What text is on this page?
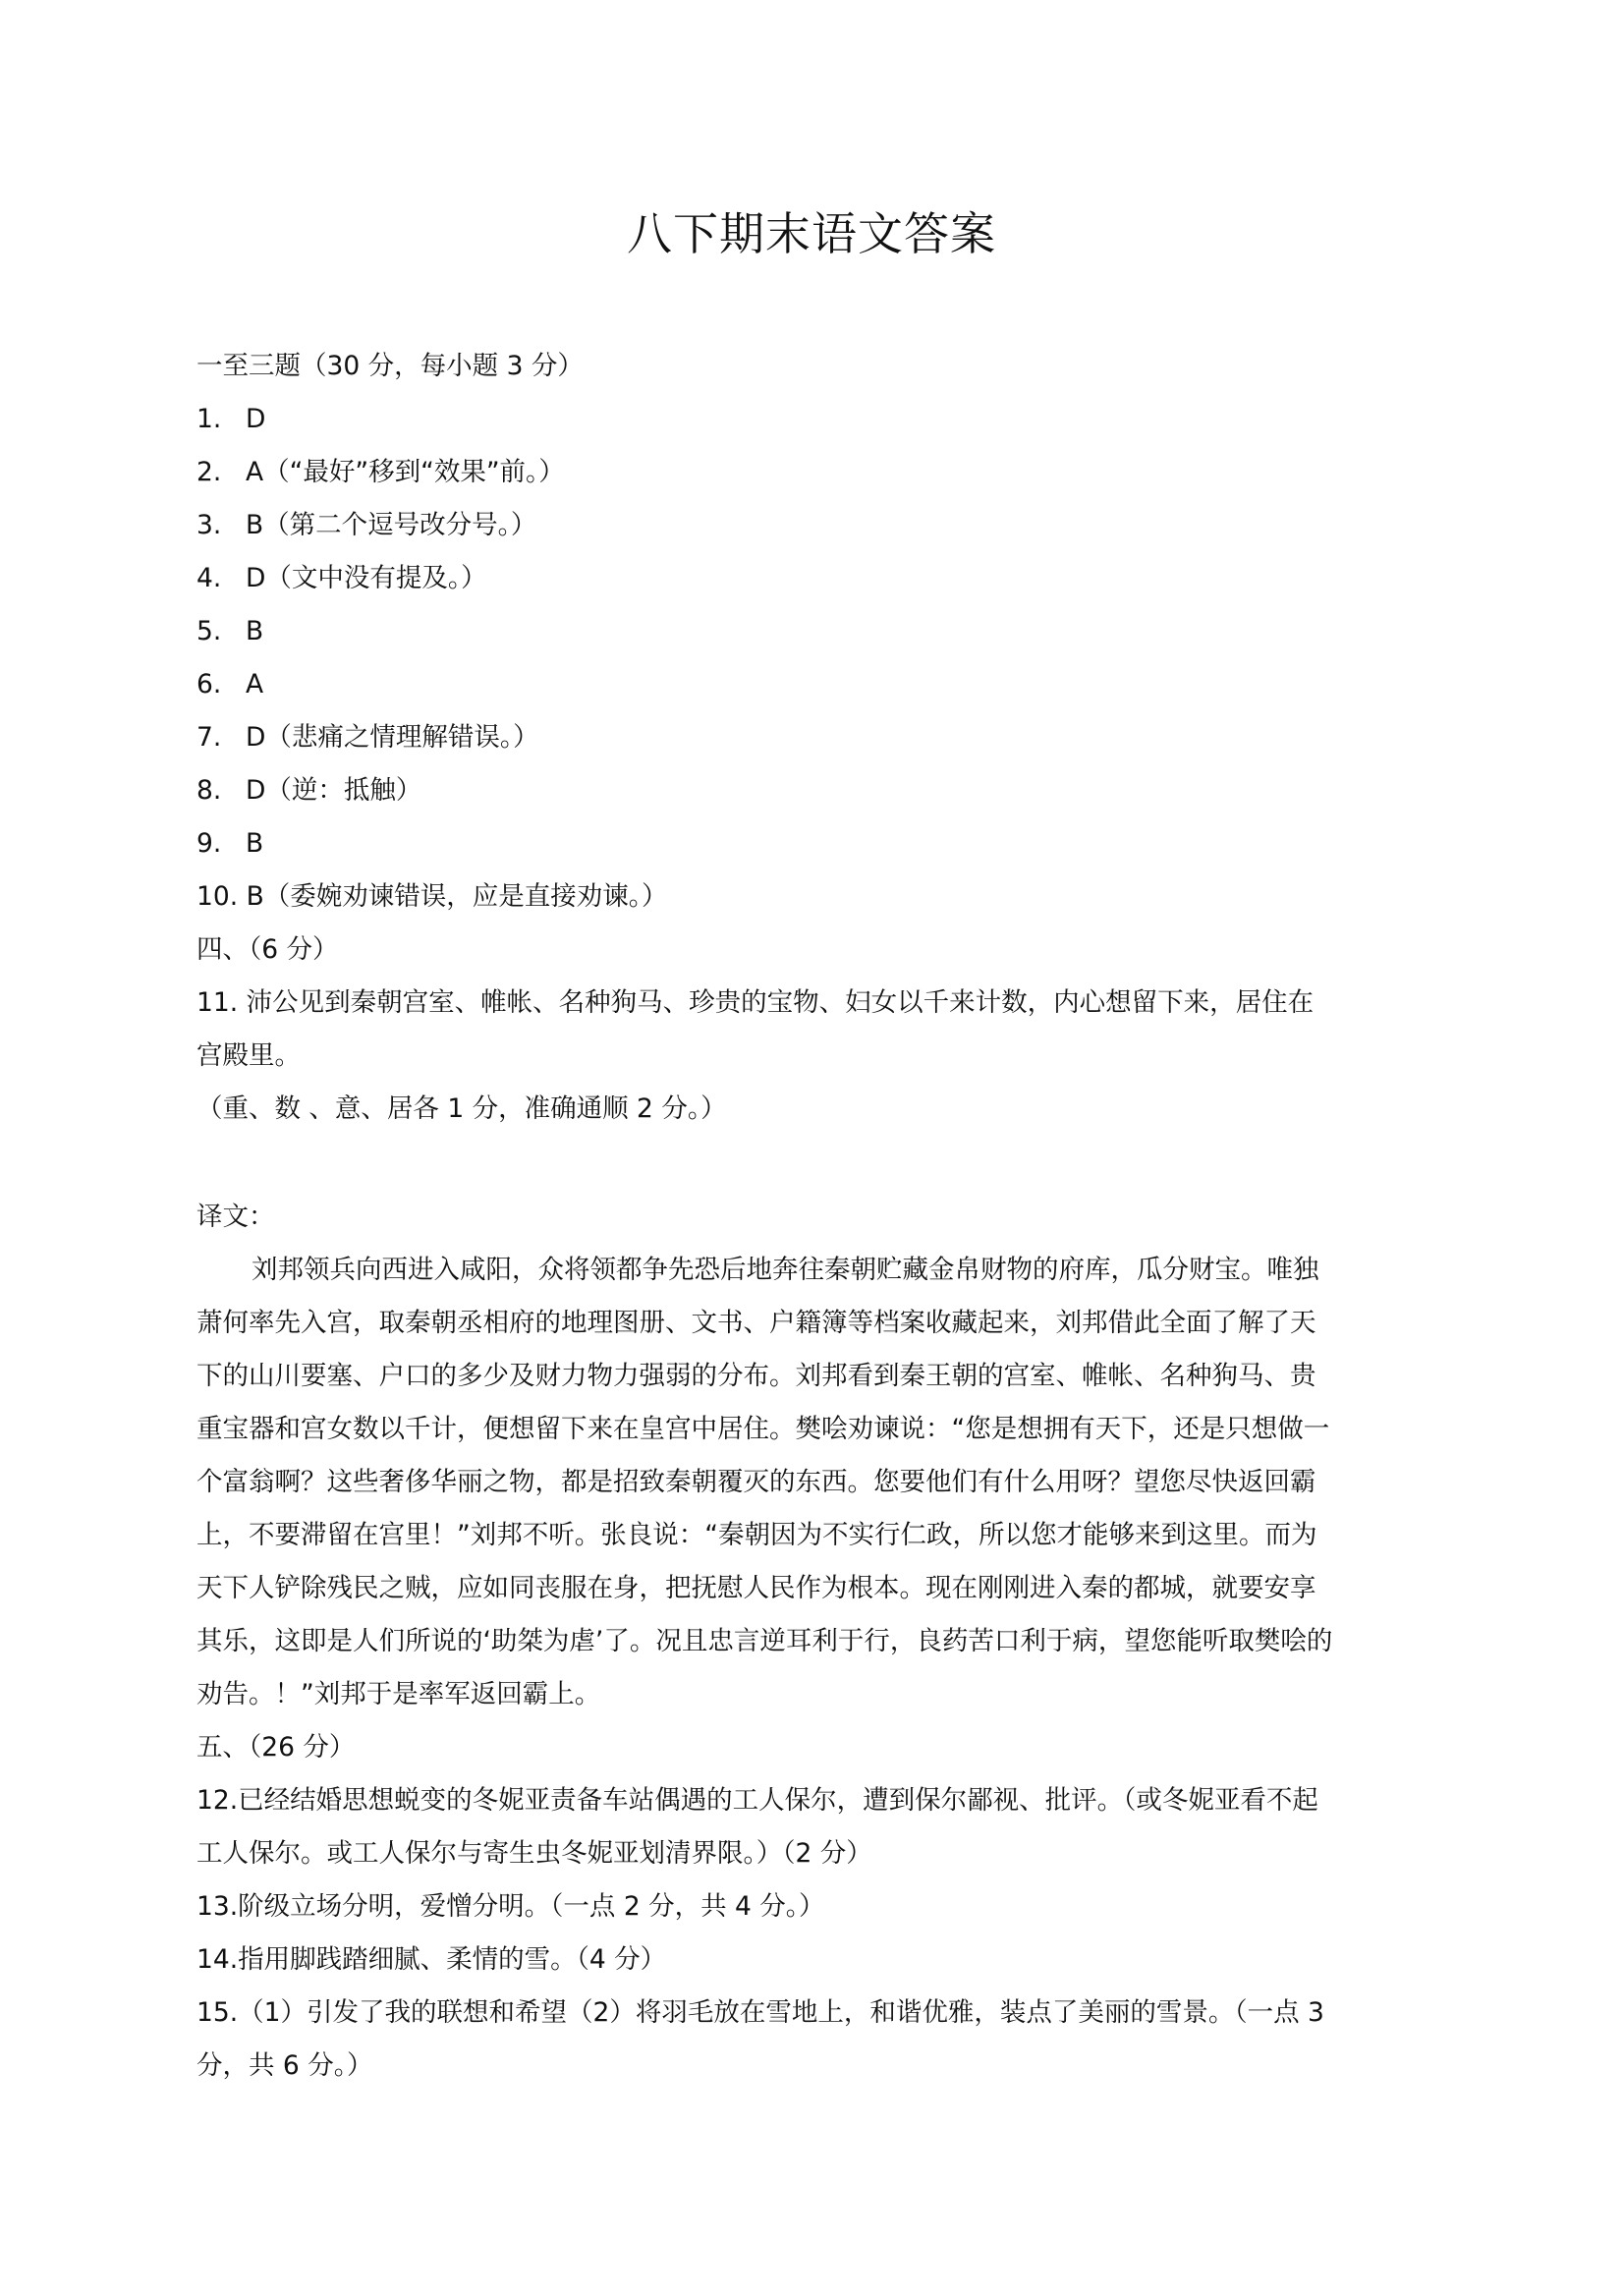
八下期末语文答案
一至三题（30 分，每小题 3 分）
1. D
2. A（“最好”移到“效果”前。）
3. B（第二个逗号改分号。）
4. D（文中没有提及。）
5. B
6. A
7. D（悲痛之情理解错误。）
8. D（逆：抵触）
9. B
10. B（委婉劝谏错误，应是直接劝谏。）
四、（6 分）
11. 沛公见到秦朝宫室、帷帐、名种狗马、珍贵的宝物、妇女以千来计数，内心想留下来，居住在
宫殿里。
（重、数 、意、居各 1 分，准确通顺 2 分。）
译文：
刘邦领兵向西进入咸阳，众将领都争先恐后地奔往秦朝贮藏金帛财物的府库，瓜分财宝。唯独
萧何率先入宫，取秦朝丞相府的地理图册、文书、户籍簿等档案收藏起来，刘邦借此全面了解了天
下的山川要塞、户口的多少及财力物力强弱的分布。刘邦看到秦王朝的宫室、帷帐、名种狗马、贵
重宝器和宫女数以千计，便想留下来在皇宫中居住。樊哙劝谏说：“您是想拥有天下，还是只想做一
个富翁啊？这些奢侈华丽之物，都是招致秦朝覆灭的东西。您要他们有什么用呀？望您尽快返回霸
上，不要滞留在宫里！”刘邦不听。张良说：“秦朝因为不实行仁政，所以您才能够来到这里。而为
天下人铲除残民之贼，应如同丧服在身，把抚慰人民作为根本。现在刚刚进入秦的都城，就要安享
其乐，这即是人们所说的‘助桀为虐’了。况且忠言逆耳利于行，良药苦口利于病，望您能听取樊哙的
劝告。！”刘邦于是率军返回霸上。
五、（26 分）
12.已经结婚思想蜕变的冬妮亚责备车站偶遇的工人保尔，遭到保尔鄙视、批评。（或冬妮亚看不起
工人保尔。或工人保尔与寄生虫冬妮亚划清界限。）（2 分）
13.阶级立场分明，爱憎分明。（一点 2 分，共 4 分。）
14.指用脚践踏细腻、柔情的雪。（4 分）
15.（1）引发了我的联想和希望（2）将羽毛放在雪地上，和谐优雅，装点了美丽的雪景。（一点 3
分，共 6 分。）
